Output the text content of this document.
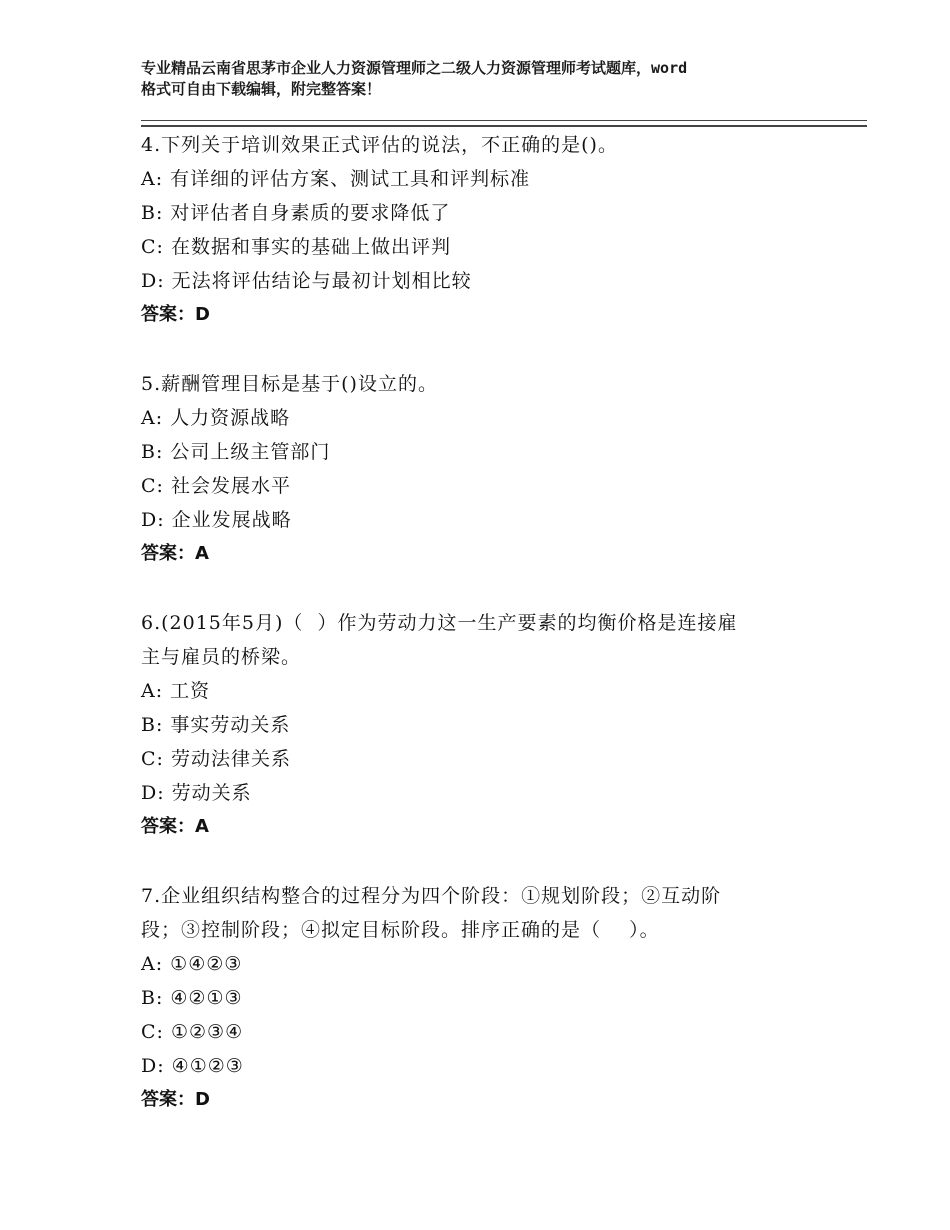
专业精品云南省思茅市企业人力资源管理师之二级人力资源管理师考试题库，word
格式可自由下载编辑，附完整答案！
4.下列关于培训效果正式评估的说法，不正确的是()。
A: 有详细的评估方案、测试工具和评判标准
B: 对评估者自身素质的要求降低了
C: 在数据和事实的基础上做出评判
D: 无法将评估结论与最初计划相比较
答案：D
5.薪酬管理目标是基于()设立的。
A: 人力资源战略
B: 公司上级主管部门
C: 社会发展水平
D: 企业发展战略
答案：A
6.(2015年5月)（  ）作为劳动力这一生产要素的均衡价格是连接雇
主与雇员的桥梁。
A: 工资
B: 事实劳动关系
C: 劳动法律关系
D: 劳动关系
答案：A
7.企业组织结构整合的过程分为四个阶段：①规划阶段；②互动阶
段；③控制阶段；④拟定目标阶段。排序正确的是（    ）。
A: ①④②③
B: ④②①③
C: ①②③④
D: ④①②③
答案：D
